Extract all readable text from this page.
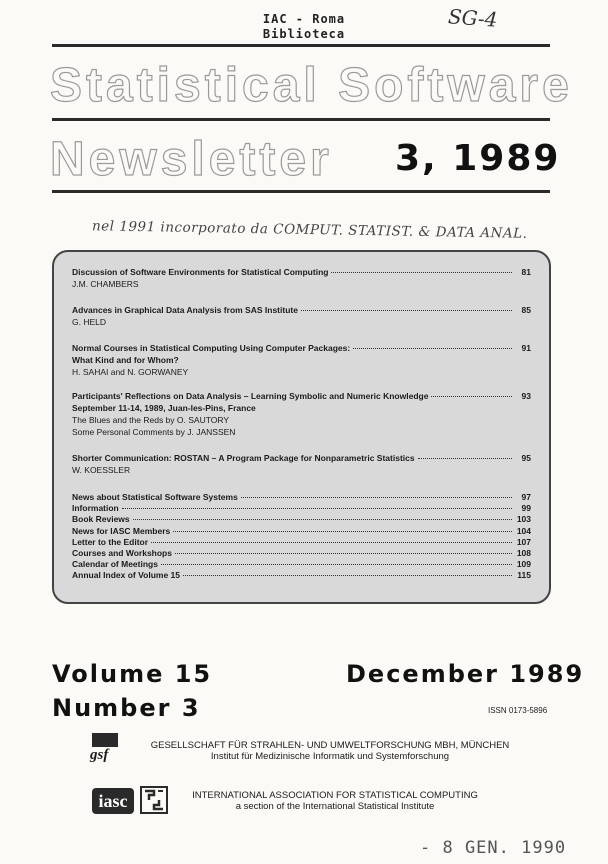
IAC - Roma
Biblioteca
SG-4
Statistical Software
Newsletter 3, 1989
nel 1991 incorporato da COMPUT. STATIST. & DATA ANAL.
Discussion of Software Environments for Statistical Computing	81
J.M. CHAMBERS
Advances in Graphical Data Analysis from SAS Institute	85
G. HELD
Normal Courses in Statistical Computing Using Computer Packages:	91
What Kind and for Whom?
H. SAHAI and N. GORWANEY
Participants' Reflections on Data Analysis – Learning Symbolic and Numeric Knowledge	93
September 11-14, 1989, Juan-les-Pins, France
The Blues and the Reds by O. SAUTORY
Some Personal Comments by J. JANSSEN
Shorter Communication: ROSTAN – A Program Package for Nonparametric Statistics	95
W. KOESSLER
News about Statistical Software Systems	97
Information	99
Book Reviews	103
News for IASC Members	104
Letter to the Editor	107
Courses and Workshops	108
Calendar of Meetings	109
Annual Index of Volume 15	115
Volume 15	December 1989
Number 3	ISSN 0173-5896
gsf
GESELLSCHAFT FÜR STRAHLEN- UND UMWELTFORSCHUNG MBH, MÜNCHEN
Institut für Medizinische Informatik und Systemforschung
iasc	INTERNATIONAL ASSOCIATION FOR STATISTICAL COMPUTING
a section of the International Statistical Institute
- 8 GEN. 1990
